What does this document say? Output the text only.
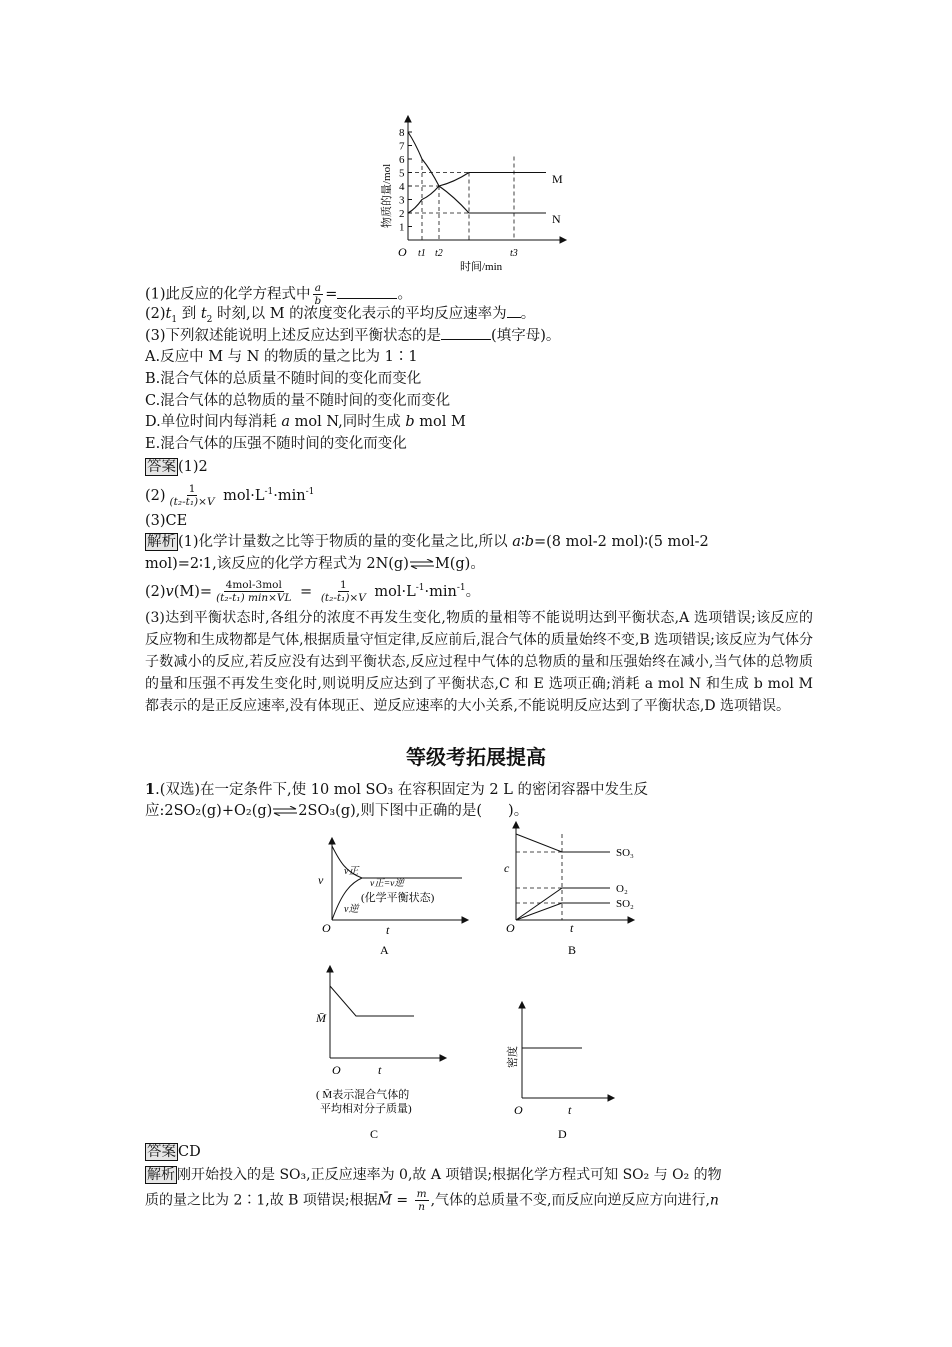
1
2
3
4
5
6
7
8
t1 t2	t3
M
N
O
时间/min
物质的量/mol
(1)此反应的化学方程式中 $\frac{a}{b}$ =	。
$(2)t_1$ 到 $t_2$ 时刻,以 M 的浓度变化表示的平均反应速率为 。
(3)下列叙述能说明上述反应达到平衡状态的是	(填字母)。
A.反应中 M 与 N 的物质的量之比为 1∶1
B.混合气体的总质量不随时间的变化而变化
C.混合气体的总物质的量不随时间的变化而变化
D.单位时间内每消耗 a mol N,同时生成 b mol M
E.混合气体的压强不随时间的变化而变化
答案 (1)2
$(2) \frac{1}{\text{(t₂-t₁)×V}} mol\cdot L^{-1}\cdot\min^{-1}$
(3)CE
解析 (1)化学计量数之比等于物质的量的变化量之比,所以 a∶b=(8 mol-2 mol)∶(5 mol-2
mol)=2∶1,该反应的化学方程式为 2N(g)⇌M(g)。
$(2)v(M)= \frac{\text{4mol-3mol}}{\text{(t₂-t₁) min×VL}} = \frac{1}{\text{(t₂-t₁)×V}} mol\cdot L^{-1}\cdot\min^{-1}$。
(3)达到平衡状态时,各组分的浓度不再发生变化,物质的量相等不能说明达到平衡状态,A 选项错误;该反应的反应物和生成物都是气体,根据质量守恒定律,反应前后,混合气体的质量始终不变,B 选项错误;该反应为气体分子数减小的反应,若反应没有达到平衡状态,反应过程中气体的总物质的量和压强始终在减小,当气体的总物质的量和压强不再发生变化时,则说明反应达到了平衡状态,C 和 E 选项正确;消耗 a mol N 和生成 b mol M 都表示的是正反应速率,没有体现正、逆反应速率的大小关系,不能说明反应达到了平衡状态,D 选项错误。
等级考拓展提高
1.(双选)在一定条件下,使 10 mol SO₃ 在容积固定为 2 L 的密闭容器中发生反
应:2SO₂(g)+O₂(g)⇌2SO₃(g),则下图中正确的是( )。
v
t
O
v正
v逆
v正=v逆
(化学平衡状态)
A
c
t
O
SO₃
O₂
SO₂
B
M̄
t
O
( M̄表示混合气体的
平均相对分子质量)
C
密度
t
O
D
答案 CD
解析 刚开始投入的是 SO₃,正反应速率为 0,故 A 项错误;根据化学方程式可知 SO₂ 与 O₂ 的物
质的量之比为 2∶1,故 B 项错误;根据M̄ = $\frac{m}{n}$ ,气体的总质量不变,而反应向逆反应方向进行,n
